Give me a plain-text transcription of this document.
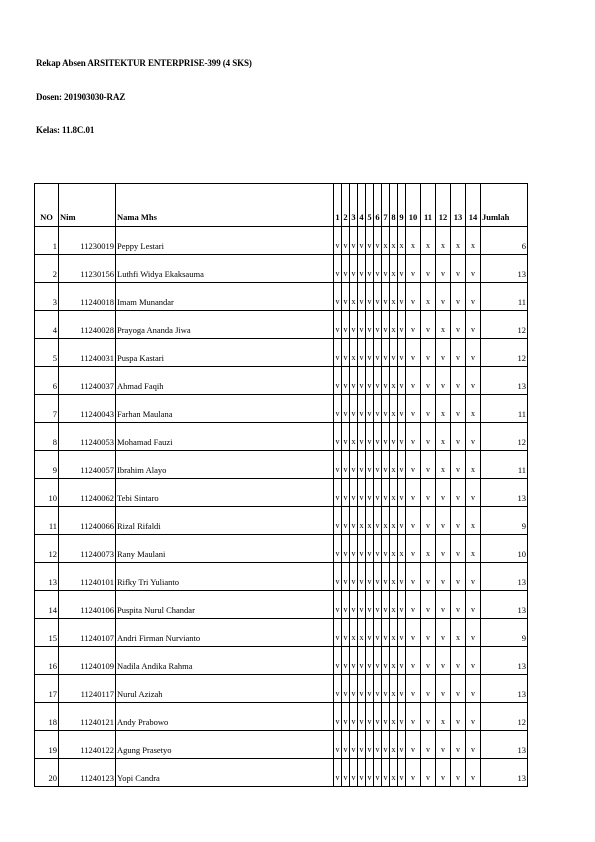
Rekap Absen ARSITEKTUR ENTERPRISE-399 (4 SKS)
Dosen: 201903030-RAZ
Kelas: 11.8C.01
NO	Nim	Nama Mhs	1	2	3	4	5	6	7	8	9	10	11	12	13	14	Jumlah
1	11230019	Peppy Lestari	v	v	v	v	v	v	x	x	x	x	x	x	x	x	6
2	11230156	Luthfi Widya Ekaksauma	v	v	v	v	v	v	v	x	v	v	v	v	v	v	13
3	11240018	Imam Munandar	v	v	x	v	v	v	v	x	v	v	x	v	v	v	11
4	11240028	Prayoga Ananda Jiwa	v	v	v	v	v	v	v	x	v	v	v	x	v	v	12
5	11240031	Puspa Kastari	v	v	x	v	v	v	v	v	v	v	v	v	v	v	12
6	11240037	Ahmad Faqih	v	v	v	v	v	v	v	x	v	v	v	v	v	v	13
7	11240043	Farhan Maulana	v	v	v	v	v	v	v	x	v	v	v	x	v	x	11
8	11240053	Mohamad Fauzi	v	v	x	v	v	v	v	v	v	v	v	x	v	v	12
9	11240057	Ibrahim Alayo	v	v	v	v	v	v	v	x	v	v	v	x	v	x	11
10	11240062	Tebi Sintaro	v	v	v	v	v	v	v	x	v	v	v	v	v	v	13
11	11240066	Rizal Rifaldi	v	v	v	x	x	v	x	x	v	v	v	v	v	x	9
12	11240073	Rany Maulani	v	v	v	v	v	v	v	x	x	v	x	v	v	x	10
13	11240101	Rifky Tri Yulianto	v	v	v	v	v	v	v	x	v	v	v	v	v	v	13
14	11240106	Puspita Nurul Chandar	v	v	v	v	v	v	v	x	v	v	v	v	v	v	13
15	11240107	Andri Firman Nurvianto	v	v	x	x	v	v	v	x	v	v	v	v	x	v	9
16	11240109	Nadila Andika Rahma	v	v	v	v	v	v	v	x	v	v	v	v	v	v	13
17	11240117	Nurul Azizah	v	v	v	v	v	v	v	x	v	v	v	v	v	v	13
18	11240121	Andy Prabowo	v	v	v	v	v	v	v	x	v	v	v	x	v	v	12
19	11240122	Agung Prasetyo	v	v	v	v	v	v	v	x	v	v	v	v	v	v	13
20	11240123	Yopi Candra	v	v	v	v	v	v	v	x	v	v	v	v	v	v	13
